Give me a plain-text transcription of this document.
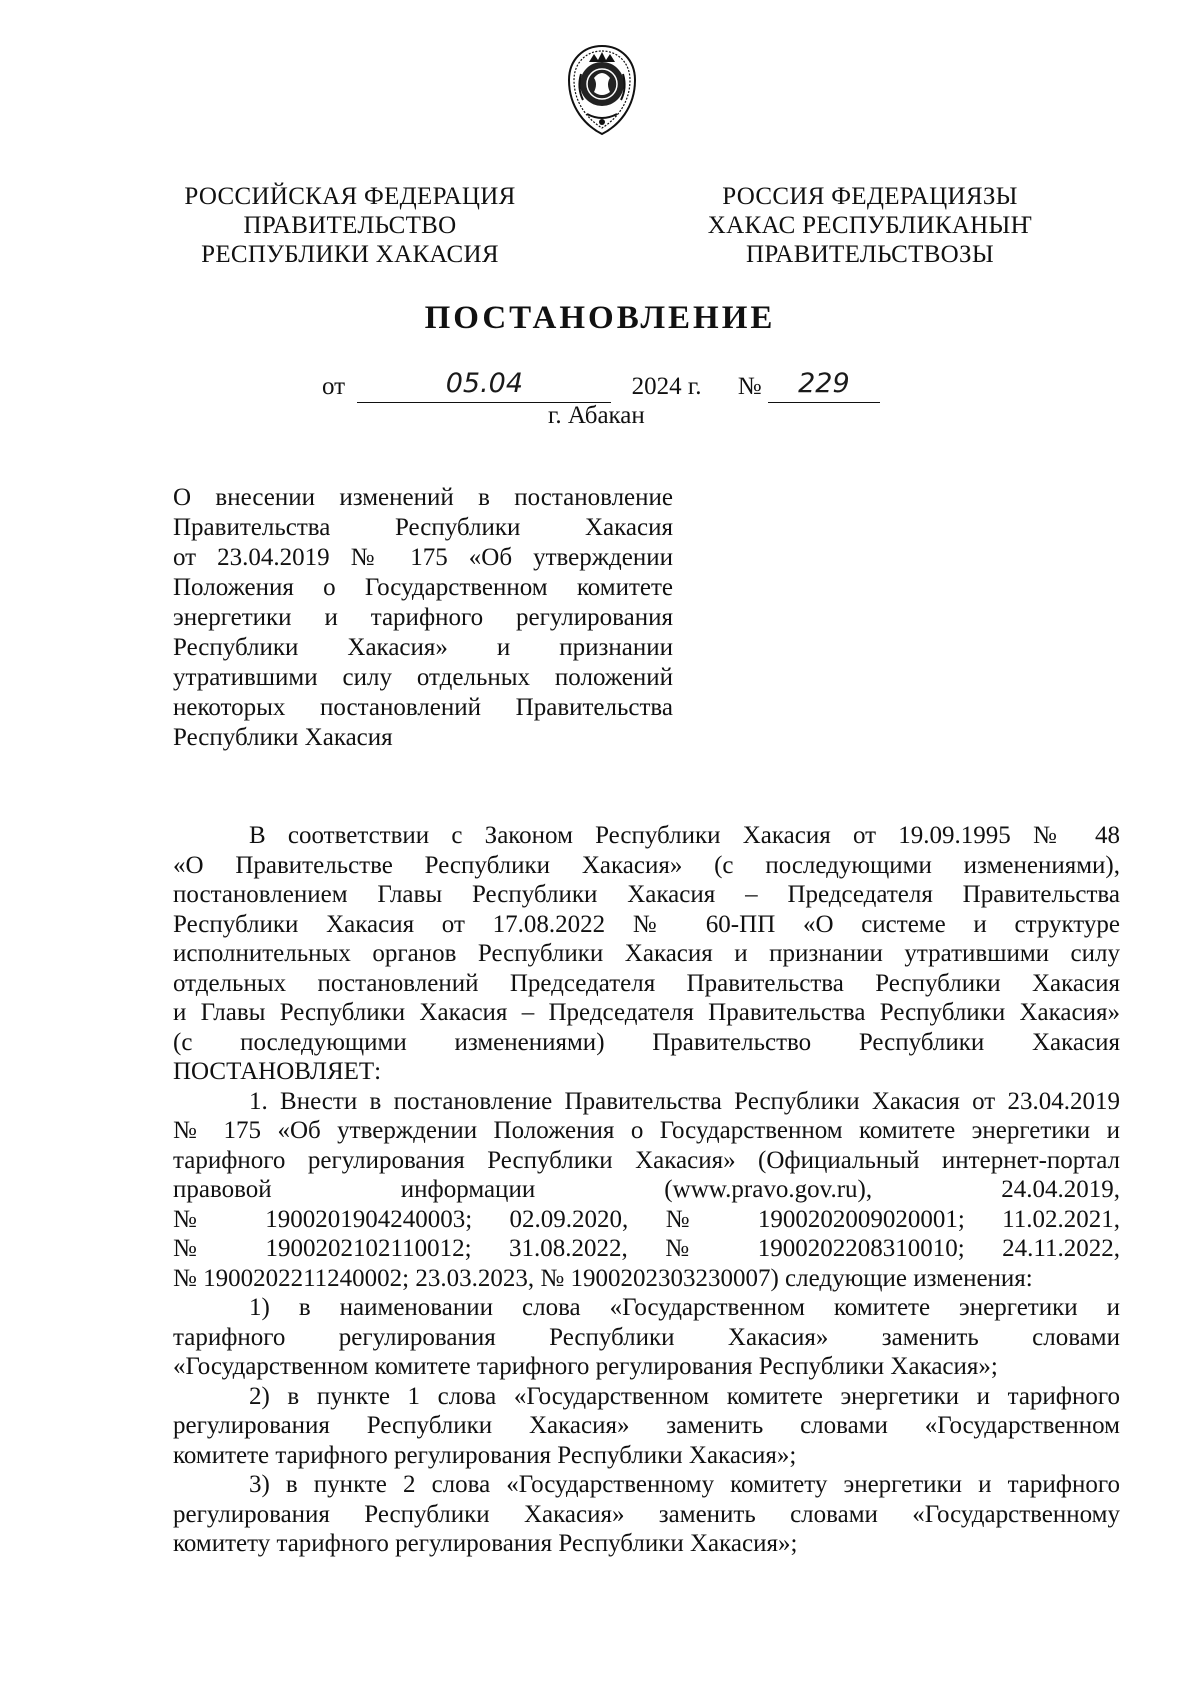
РОССИЙСКАЯ ФЕДЕРАЦИЯ
ПРАВИТЕЛЬСТВО
РЕСПУБЛИКИ ХАКАСИЯ
РОССИЯ ФЕДЕРАЦИЯЗЫ
ХАКАС РЕСПУБЛИКАНЫҤ
ПРАВИТЕЛЬСТВОЗЫ
ПОСТАНОВЛЕНИЕ
от	05.04	2024 г. № 229
г. Абакан
О внесении изменений в постановление
Правительства Республики Хакасия
от 23.04.2019 № 175 «Об утверждении
Положения о Государственном комитете
энергетики и тарифного регулирования
Республики Хакасия» и признании
утратившими силу отдельных положений
некоторых постановлений Правительства
Республики Хакасия
В соответствии с Законом Республики Хакасия от 19.09.1995 № 48
«О Правительстве Республики Хакасия» (с последующими изменениями),
постановлением Главы Республики Хакасия – Председателя Правительства
Республики Хакасия от 17.08.2022 № 60-ПП «О системе и структуре
исполнительных органов Республики Хакасия и признании утратившими силу
отдельных постановлений Председателя Правительства Республики Хакасия
и Главы Республики Хакасия – Председателя Правительства Республики Хакасия»
(с последующими изменениями) Правительство Республики Хакасия
ПОСТАНОВЛЯЕТ:
1. Внести в постановление Правительства Республики Хакасия от 23.04.2019
№ 175 «Об утверждении Положения о Государственном комитете энергетики и
тарифного регулирования Республики Хакасия» (Официальный интернет-портал
правовой информации (www.pravo.gov.ru), 24.04.2019,
№ 1900201904240003; 02.09.2020, № 1900202009020001; 11.02.2021,
№ 1900202102110012; 31.08.2022, № 1900202208310010; 24.11.2022,
№ 1900202211240002; 23.03.2023, № 1900202303230007) следующие изменения:
1) в наименовании слова «Государственном комитете энергетики и
тарифного регулирования Республики Хакасия» заменить словами
«Государственном комитете тарифного регулирования Республики Хакасия»;
2) в пункте 1 слова «Государственном комитете энергетики и тарифного
регулирования Республики Хакасия» заменить словами «Государственном
комитете тарифного регулирования Республики Хакасия»;
3) в пункте 2 слова «Государственному комитету энергетики и тарифного
регулирования Республики Хакасия» заменить словами «Государственному
комитету тарифного регулирования Республики Хакасия»;
